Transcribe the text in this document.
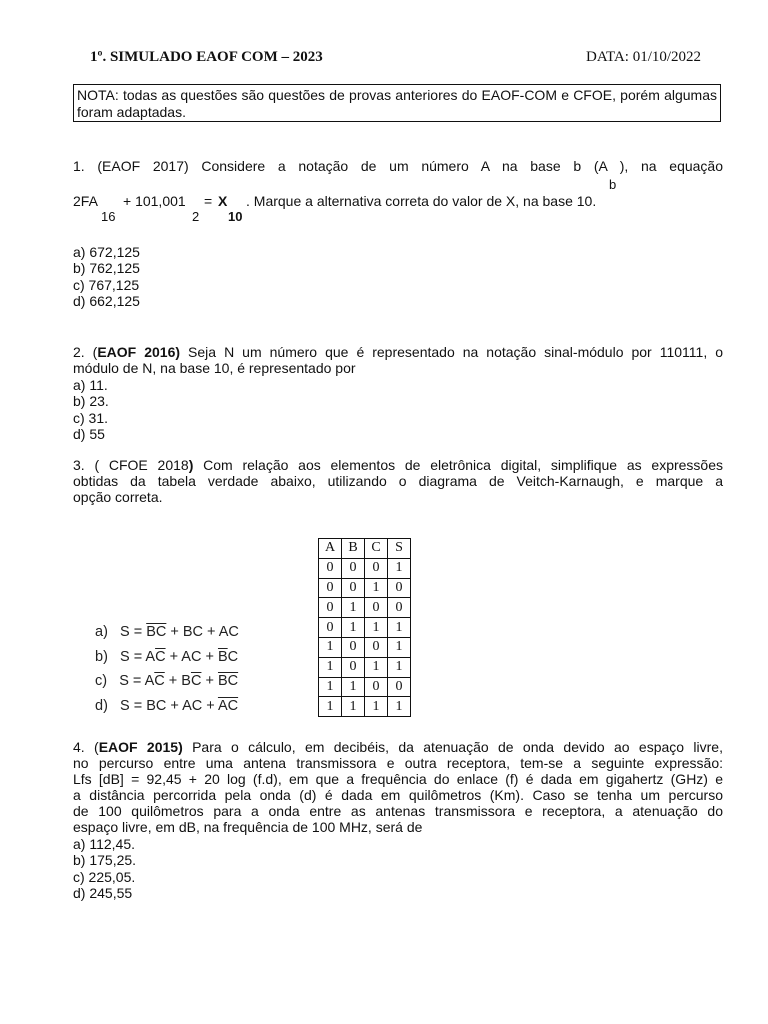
1º. SIMULADO EAOF COM – 2023	DATA: 01/10/2022
NOTA: todas as questões são questões de provas anteriores do EAOF-COM e CFOE, porém algumas foram adaptadas.
1. (EAOF 2017) Considere a notação de um número A na base b (A ), na equação
b
2FA + 101,001 = X . Marque a alternativa correta do valor de X, na base 10.
16	2 10
a) 672,125
b) 762,125
c) 767,125
d) 662,125
2. (EAOF 2016) Seja N um número que é representado na notação sinal-módulo por 110111, o
módulo de N, na base 10, é representado por
a) 11.
b) 23.
c) 31.
d) 55
3. ( CFOE 2018) Com relação aos elementos de eletrônica digital, simplifique as expressões
obtidas da tabela verdade abaixo, utilizando o diagrama de Veitch-Karnaugh, e marque a
opção correta.
A	B	C	S
0	0	0	1
0	0	1	0
0	1	0	0
0	1	1	1
1	0	0	1
1	0	1	1
1	1	0	0
1	1	1	1
a) $S = \overline{BC}$ + BC + AC
b) $S = A\overline{C}$ + AC + $\overline{B}C$
c) $S = A\overline{C} + B\overline{C} + \overline{BC}$
d) S = BC + AC + $\overline{AC}$
4. (EAOF 2015) Para o cálculo, em decibéis, da atenuação de onda devido ao espaço livre,
no percurso entre uma antena transmissora e outra receptora, tem-se a seguinte expressão:
Lfs [dB] = 92,45 + 20 log (f.d), em que a frequência do enlace (f) é dada em gigahertz (GHz) e
a distância percorrida pela onda (d) é dada em quilômetros (Km). Caso se tenha um percurso
de 100 quilômetros para a onda entre as antenas transmissora e receptora, a atenuação do
espaço livre, em dB, na frequência de 100 MHz, será de
a) 112,45.
b) 175,25.
c) 225,05.
d) 245,55
